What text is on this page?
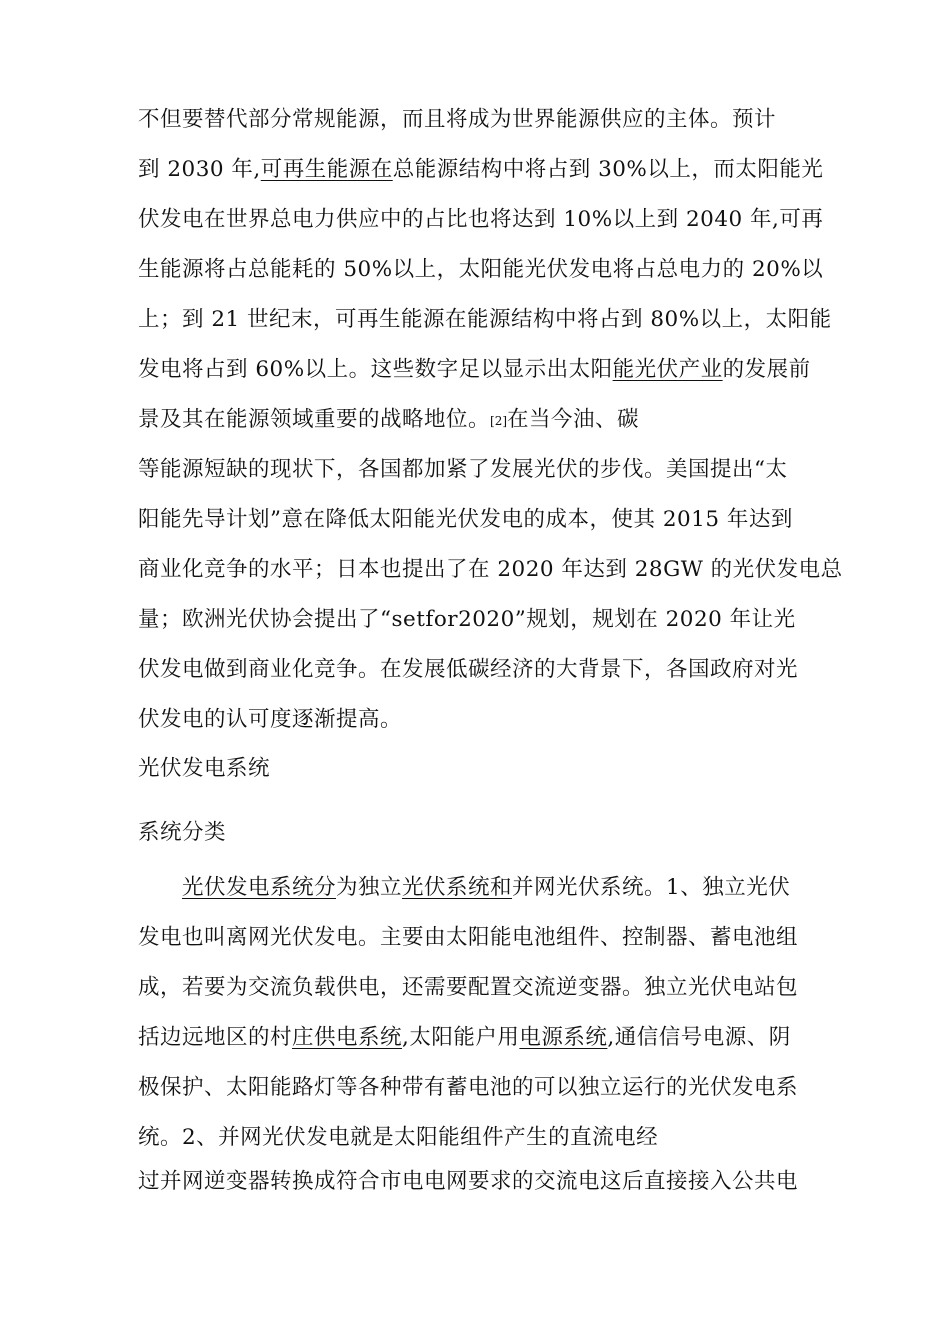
不但要替代部分常规能源，而且将成为世界能源供应的主体。预计
到 2030 年,可再生能源在总能源结构中将占到 30%以上，而太阳能光
伏发电在世界总电力供应中的占比也将达到 10%以上到 2040 年,可再
生能源将占总能耗的 50%以上，太阳能光伏发电将占总电力的 20%以
上；到 21 世纪末，可再生能源在能源结构中将占到 80%以上，太阳能
发电将占到 60%以上。这些数字足以显示出太阳能光伏产业的发展前
景及其在能源领域重要的战略地位。[2]在当今油、碳
等能源短缺的现状下，各国都加紧了发展光伏的步伐。美国提出“太
阳能先导计划”意在降低太阳能光伏发电的成本，使其 2015 年达到
商业化竞争的水平；日本也提出了在 2020 年达到 28GW 的光伏发电总
量；欧洲光伏协会提出了“setfor2020”规划，规划在 2020 年让光
伏发电做到商业化竞争。在发展低碳经济的大背景下，各国政府对光
伏发电的认可度逐渐提高。
光伏发电系统
系统分类
光伏发电系统分为独立光伏系统和并网光伏系统。1、独立光伏
发电也叫离网光伏发电。主要由太阳能电池组件、控制器、蓄电池组
成，若要为交流负载供电，还需要配置交流逆变器。独立光伏电站包
括边远地区的村庄供电系统,太阳能户用电源系统,通信信号电源、阴
极保护、太阳能路灯等各种带有蓄电池的可以独立运行的光伏发电系
统。2、并网光伏发电就是太阳能组件产生的直流电经
过并网逆变器转换成符合市电电网要求的交流电这后直接接入公共电
